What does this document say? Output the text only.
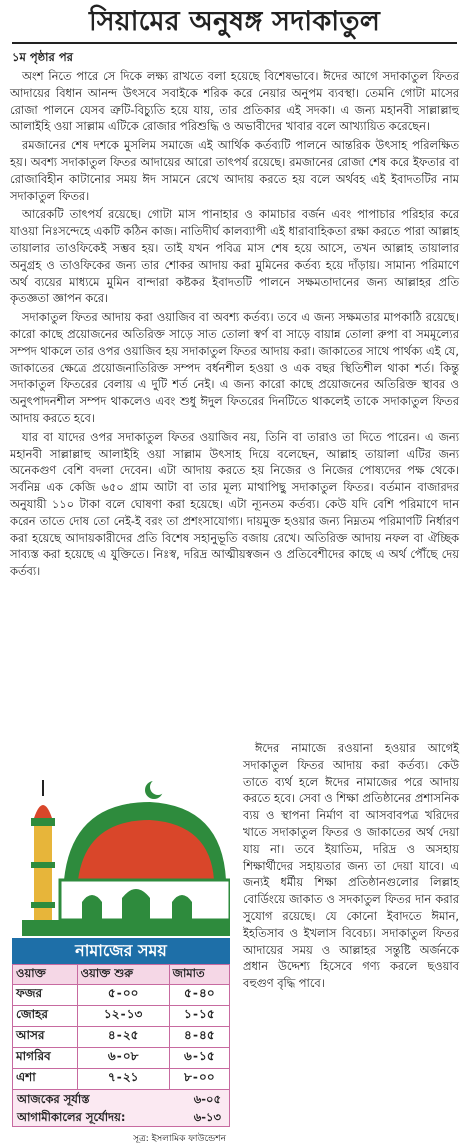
সিয়ামের অনুষঙ্গ সদাকাতুল
১ম পৃষ্ঠার পর

অংশ নিতে পারে সে দিকে লক্ষ্য রাখতে বলা হয়েছে বিশেষভাবে। ঈদের আগে সদাকাতুল ফিতর আদায়ের বিধান আনন্দ উৎসবে সবাইকে শরিক করে নেয়ার অনুপম ব্যবস্থা। তেমনি গোটা মাসের রোজা পালনে যেসব ত্রুটি-বিচ্যুতি হয়ে যায়, তার প্রতিকার এই সদকা। এ জন্য মহানবী সাল্লাল্লাহু আলাইহি ওয়া সাল্লাম এটিকে রোজার পরিশুদ্ধি ও অভাবীদের খাবার বলে আখ্যায়িত করেছেন।

রমজানের শেষ দশকে মুসলিম সমাজে এই আর্থিক কর্তব্যটি পালনে আন্তরিক উৎসাহ পরিলক্ষিত হয়। অবশ্য সদাকাতুল ফিতর আদায়ের আরো তাৎপর্য রয়েছে। রমজানের রোজা শেষ করে ইফতার বা রোজাবিহীন কাটানোর সময় ঈদ সামনে রেখে আদায় করতে হয় বলে অর্থবহ এই ইবাদতটির নাম সদাকাতুল ফিতর।

আরেকটি তাৎপর্য রয়েছে। গোটা মাস পানাহার ও কামাচার বর্জন এবং পাপাচার পরিহার করে যাওয়া নিঃসন্দেহে একটি কঠিন কাজ। নাতিদীর্ঘ কালব্যাপী এই ধারাবাহিকতা রক্ষা করতে পারা আল্লাহ তায়ালার তাওফিকেই সম্ভব হয়। তাই যখন পবিত্র মাস শেষ হয়ে আসে, তখন আল্লাহ তায়ালার অনুগ্রহ ও তাওফিকের জন্য তার শোকর আদায় করা মুমিনের কর্তব্য হয়ে দাঁড়ায়। সামান্য পরিমাণে অর্থ ব্যয়ের মাধ্যমে মুমিন বান্দারা কষ্টকর ইবাদতটি পালনে সক্ষমতাদানের জন্য আল্লাহর প্রতি কৃতজ্ঞতা জ্ঞাপন করে।

সদাকাতুল ফিতর আদায় করা ওয়াজিব বা অবশ্য কর্তব্য। তবে এ জন্য সক্ষমতার মাপকাঠি রয়েছে। কারো কাছে প্রয়োজনের অতিরিক্ত সাড়ে সাত তোলা স্বর্ণ বা সাড়ে বায়ান্ন তোলা রুপা বা সমমূল্যের সম্পদ থাকলে তার ওপর ওয়াজিব হয় সদাকাতুল ফিতর আদায় করা। জাকাতের সাথে পার্থক্য এই যে, জাকাতের ক্ষেত্রে প্রয়োজনাতিরিক্ত সম্পদ বর্ধনশীল হওয়া ও এক বছর স্থিতিশীল থাকা শর্ত। কিন্তু সদাকাতুল ফিতরের বেলায় এ দুটি শর্ত নেই। এ জন্য কারো কাছে প্রয়োজনের অতিরিক্ত স্থাবর ও অনুৎপাদনশীল সম্পদ থাকলেও এবং শুধু ঈদুল ফিতরের দিনটিতে থাকলেই তাকে সদাকাতুল ফিতর আদায় করতে হবে।

যার বা যাদের ওপর সদাকাতুল ফিতর ওয়াজিব নয়, তিনি বা তারাও তা দিতে পারেন। এ জন্য মহানবী সাল্লাল্লাহু আলাইহি ওয়া সাল্লাম উৎসাহ দিয়ে বলেছেন, আল্লাহ তায়ালা এটির জন্য অনেকগুণ বেশি বদলা দেবেন। এটা আদায় করতে হয় নিজের ও নিজের পোষ্যদের পক্ষ থেকে। সর্বনিম্ন এক কেজি ৬৫০ গ্রাম আটা বা তার মূল্য মাথাপিছু সদাকাতুল ফিতর। বর্তমান বাজারদর অনুযায়ী ১১০ টাকা বলে ঘোষণা করা হয়েছে। এটা ন্যূনতম কর্তব্য। কেউ যদি বেশি পরিমাণে দান করেন তাতে দোষ তো নেই-ই বরং তা প্রশংসাযোগ্য। দায়মুক্ত হওয়ার জন্য নিম্নতম পরিমাণটি নির্ধারণ করা হয়েছে আদায়কারীদের প্রতি বিশেষ সহানুভূতি বজায় রেখে। অতিরিক্ত আদায় নফল বা ঐচ্ছিক সাব্যস্ত করা হয়েছে এ যুক্তিতে। নিঃস্ব, দরিদ্র আত্মীয়স্বজন ও প্রতিবেশীদের কাছে এ অর্থ পৌঁছে দেয় কর্তব্য।

ঈদের নামাজে রওয়ানা হওয়ার আগেই সদাকাতুল ফিতর আদায় করা কর্তব্য। কেউ তাতে ব্যর্থ হলে ঈদের নামাজের পরে আদায় করতে হবে। সেবা ও শিক্ষা প্রতিষ্ঠানের প্রশাসনিক ব্যয় ও স্থাপনা নির্মাণ বা আসবাবপত্র খরিদের খাতে সদাকাতুল ফিতর ও জাকাতের অর্থ দেয়া যায় না। তবে ইয়াতিম, দরিদ্র ও অসহায় শিক্ষার্থীদের সহায়তার জন্য তা দেয়া যাবে। এ জন্যই ধর্মীয় শিক্ষা প্রতিষ্ঠানগুলোর লিল্লাহ বোর্ডিংয়ে জাকাত ও সদকাতুল ফিতর দান করার সুযোগ রয়েছে। যে কোনো ইবাদতে ঈমান, ইহতিসাব ও ইখলাস বিবেচ্য। সদাকাতুল ফিতর আদায়ের সময় ও আল্লাহর সন্তুষ্টি অর্জনকে প্রধান উদ্দেশ্য হিসেবে গণ্য করলে ছওয়াব বহুগুণ বৃদ্ধি পাবে।
নামাজের সময়
ওয়াক্ত	ওয়াক্ত শুরু	জামাত
ফজর	৫-০০	৫-৪০
জোহর	১২-১৩	১-১৫
আসর	৪-২৫	৪-৪৫
মাগরিব	৬-০৮	৬-১৫
এশা	৭-২১	৮-০০
আজকের সূর্যাস্ত	৬-০৫
আগামীকালের সূর্যোদয়:	৬-১৩
সূত্র: ইসলামিক ফাউন্ডেশন
